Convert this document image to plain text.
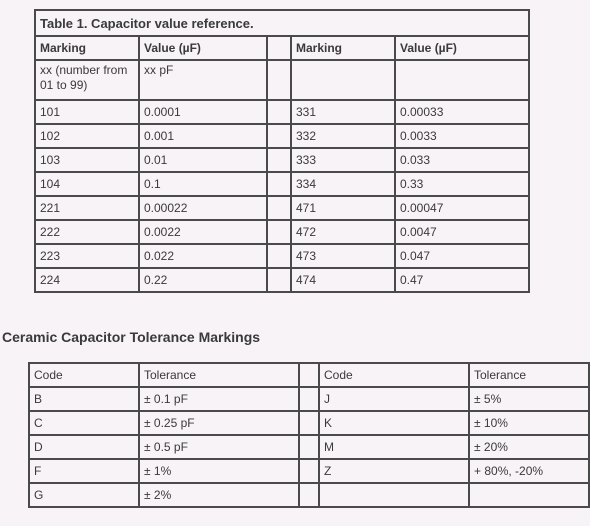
Table 1. Capacitor value reference.				
Marking	Value (µF)		Marking	Value (µF)
xx (number from 01 to 99)	xx pF			
101	0.0001		331	0.00033
102	0.001		332	0.0033
103	0.01		333	0.033
104	0.1		334	0.33
221	0.00022		471	0.00047
222	0.0022		472	0.0047
223	0.022		473	0.047
224	0.22		474	0.47
Ceramic Capacitor Tolerance Markings
Code	Tolerance		Code	Tolerance
B	± 0.1 pF		J	± 5%
C	± 0.25 pF		K	± 10%
D	± 0.5 pF		M	± 20%
F	± 1%		Z	+ 80%, -20%
G	± 2%			
